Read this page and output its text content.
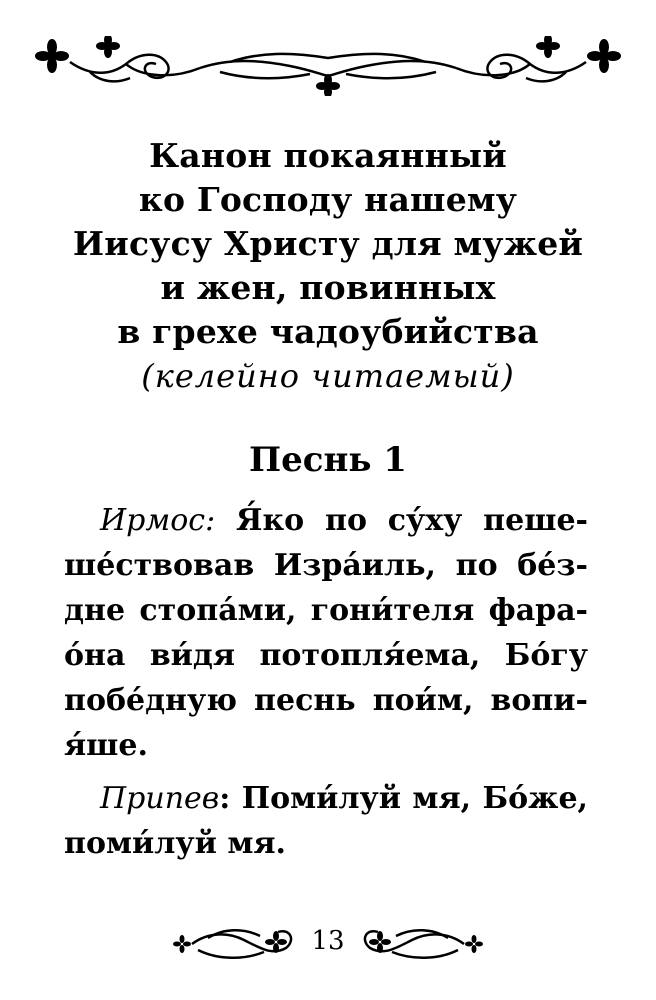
Канон покаянный
ко Господу нашему
Иисусу Христу для мужей
и жен, повинных
в грехе чадоубийства
(келейно читаемый)
Песнь 1
Ирмос: Я́ко по су́ху пеше-
ше́ствовав Изра́иль, по бе́з-
дне стопа́ми, гони́теля фара-
о́на ви́дя потопля́ема, Бо́гу
побе́дную песнь пои́м, вопи-
я́ше.
Припев: Поми́луй мя, Бо́же,
поми́луй мя.
13
